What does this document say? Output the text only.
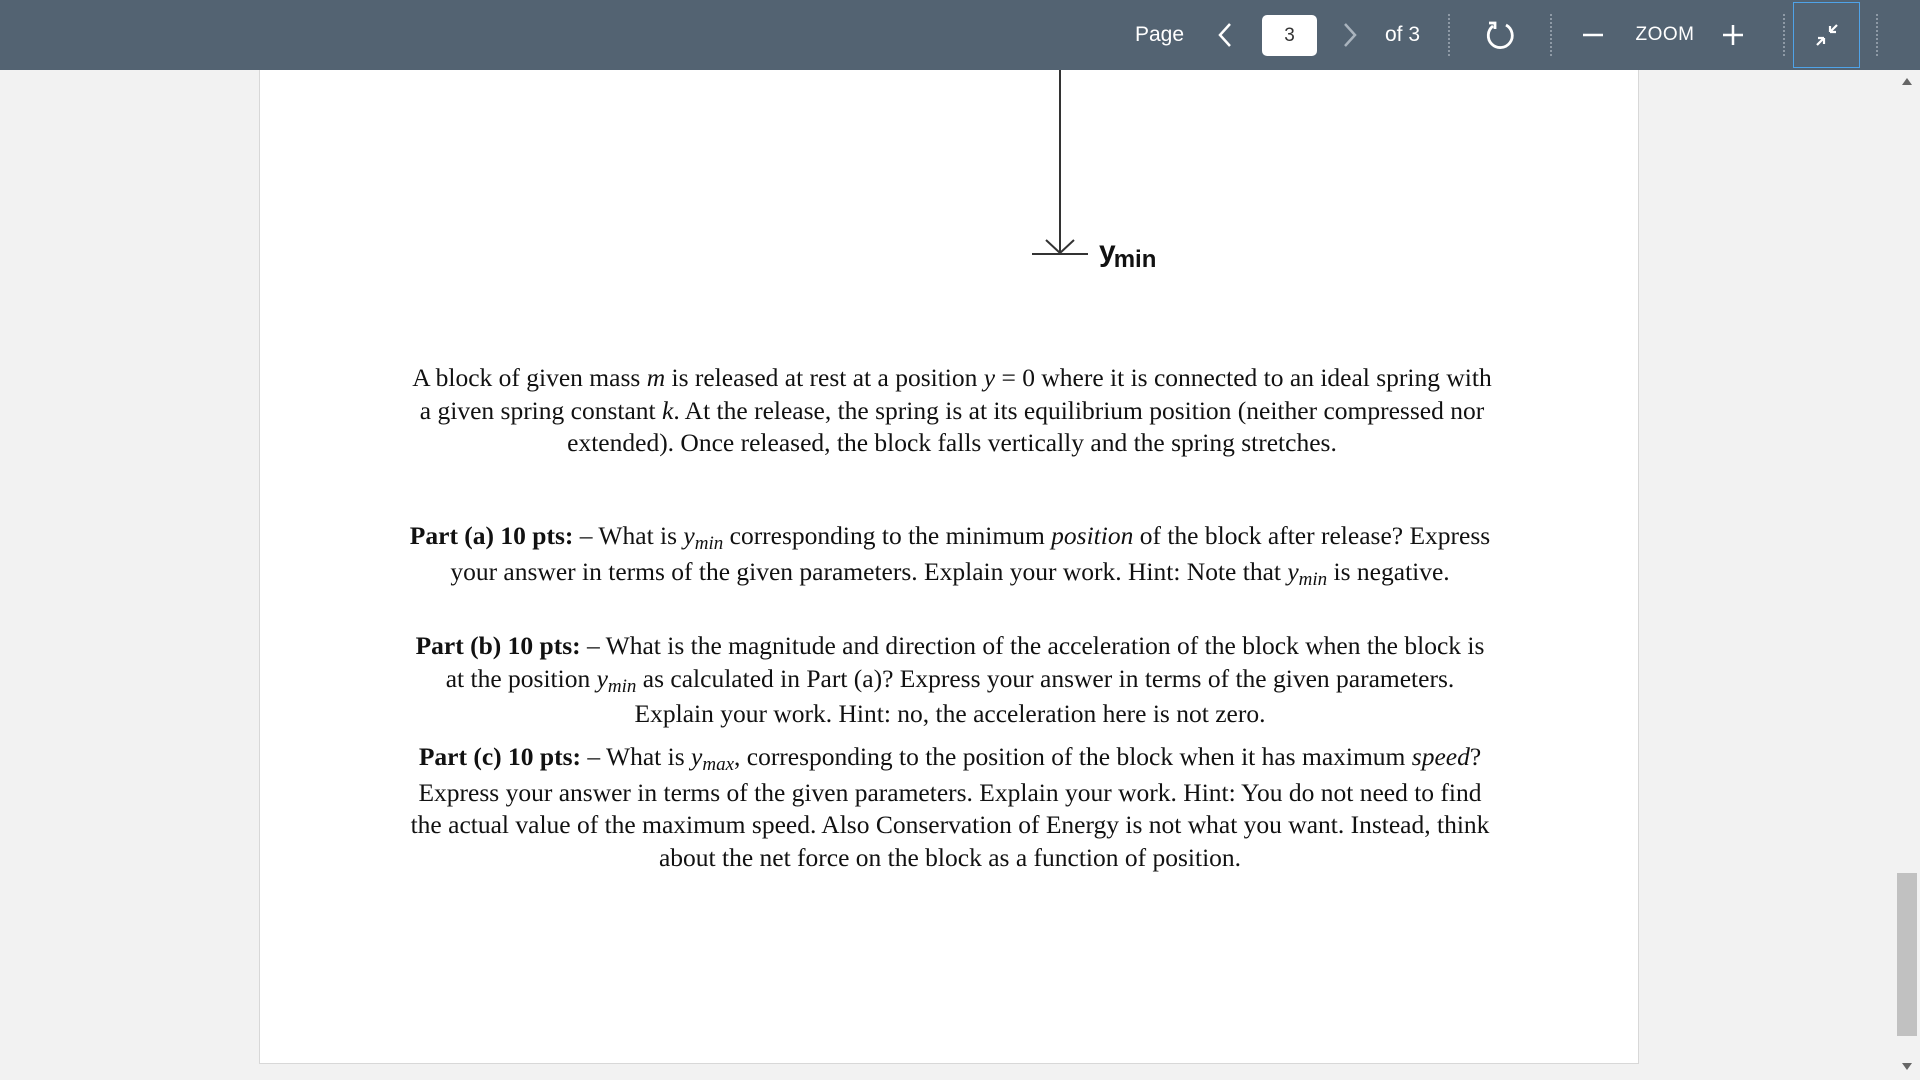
Page
3	of 3	ZOOM
$y_{min}$

A block of given mass m is released at rest at a position y = 0 where it is connected to an ideal spring with a given spring constant k. At the release, the spring is at its equilibrium position (neither compressed nor extended). Once released, the block falls vertically and the spring stretches.

Part (a) 10 pts: – What is ymin corresponding to the minimum position of the block after release? Express your answer in terms of the given parameters. Explain your work. Hint: Note that ymin is negative.

Part (b) 10 pts: – What is the magnitude and direction of the acceleration of the block when the block is at the position ymin as calculated in Part (a)? Express your answer in terms of the given parameters. Explain your work. Hint: no, the acceleration here is not zero.

Part (c) 10 pts: – What is ymax, corresponding to the position of the block when it has maximum speed? Express your answer in terms of the given parameters. Explain your work. Hint: You do not need to find the actual value of the maximum speed. Also Conservation of Energy is not what you want. Instead, think about the net force on the block as a function of position.
